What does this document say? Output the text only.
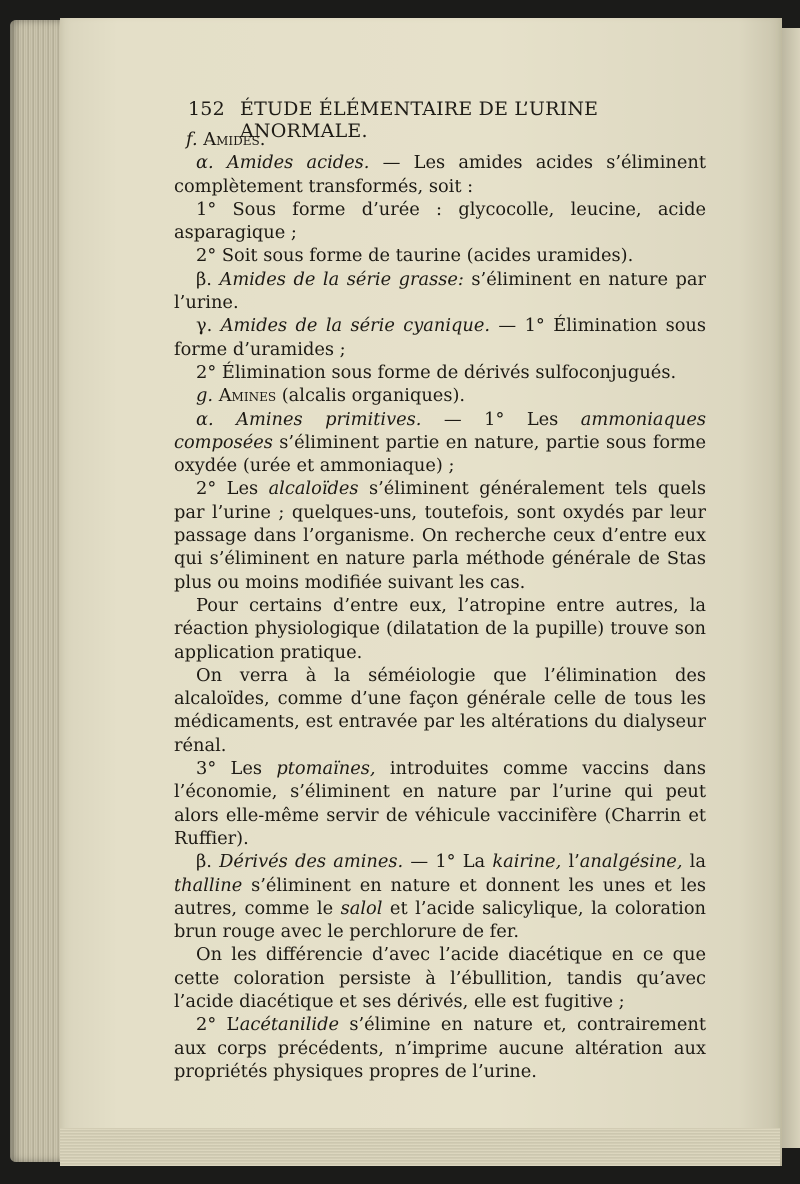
152 ÉTUDE ÉLÉMENTAIRE DE L’URINE ANORMALE.

f. Amides.

α. Amides acides. — Les amides acides s’éliminent complètement transformés, soit :

1° Sous forme d’urée : glycocolle, leucine, acide asparagique ;

2° Soit sous forme de taurine (acides uramides).

β. Amides de la série grasse: s’éliminent en nature par l’urine.

γ. Amides de la série cyanique. — 1° Élimination sous forme d’uramides ;

2° Élimination sous forme de dérivés sulfoconjugués.

g. Amines (alcalis organiques).

α. Amines primitives. — 1° Les ammoniaques composées s’éliminent partie en nature, partie sous forme oxydée (urée et ammoniaque) ;

2° Les alcaloïdes s’éliminent généralement tels quels par l’urine ; quelques-uns, toutefois, sont oxydés par leur passage dans l’organisme. On recherche ceux d’entre eux qui s’éliminent en nature parla méthode générale de Stas plus ou moins modifiée suivant les cas.

Pour certains d’entre eux, l’atropine entre autres, la réaction physiologique (dilatation de la pupille) trouve son application pratique.

On verra à la séméiologie que l’élimination des alcaloïdes, comme d’une façon générale celle de tous les médicaments, est entravée par les altérations du dialyseur rénal.

3° Les ptomaïnes, introduites comme vaccins dans l’économie, s’éliminent en nature par l’urine qui peut alors elle-même servir de véhicule vaccinifère (Charrin et Ruffier).

β. Dérivés des amines. — 1° La kairine, l’analgésine, la thalline s’éliminent en nature et donnent les unes et les autres, comme le salol et l’acide salicylique, la coloration brun rouge avec le perchlorure de fer.

On les différencie d’avec l’acide diacétique en ce que cette coloration persiste à l’ébullition, tandis qu’avec l’acide diacétique et ses dérivés, elle est fugitive ;

2° L’acétanilide s’élimine en nature et, contrairement aux corps précédents, n’imprime aucune altération aux propriétés physiques propres de l’urine.
